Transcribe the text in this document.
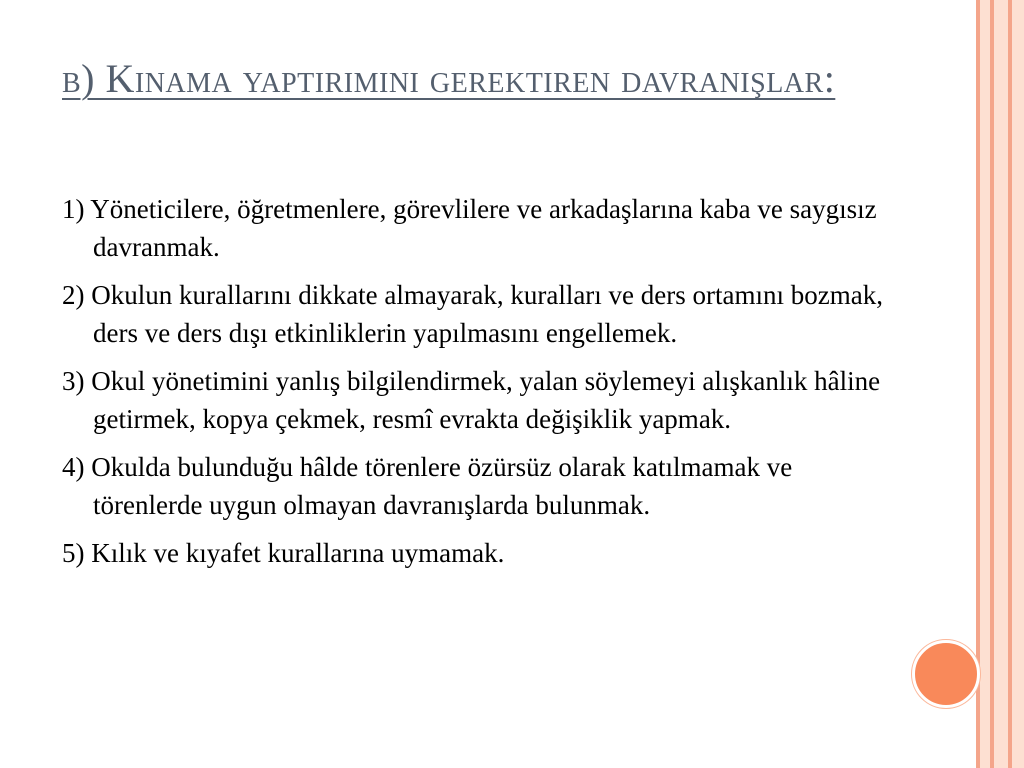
b) Kinama yaptirimini gerektiren davranışlar:

1) Yöneticilere, öğretmenlere, görevlilere ve arkadaşlarına kaba ve saygısız davranmak.

2) Okulun kurallarını dikkate almayarak, kuralları ve ders ortamını bozmak, ders ve ders dışı etkinliklerin yapılmasını engellemek.

3) Okul yönetimini yanlış bilgilendirmek, yalan söylemeyi alışkanlık hâline getirmek, kopya çekmek, resmî evrakta değişiklik yapmak.

4) Okulda bulunduğu hâlde törenlere özürsüz olarak katılmamak ve törenlerde uygun olmayan davranışlarda bulunmak.

5) Kılık ve kıyafet kurallarına uymamak.
